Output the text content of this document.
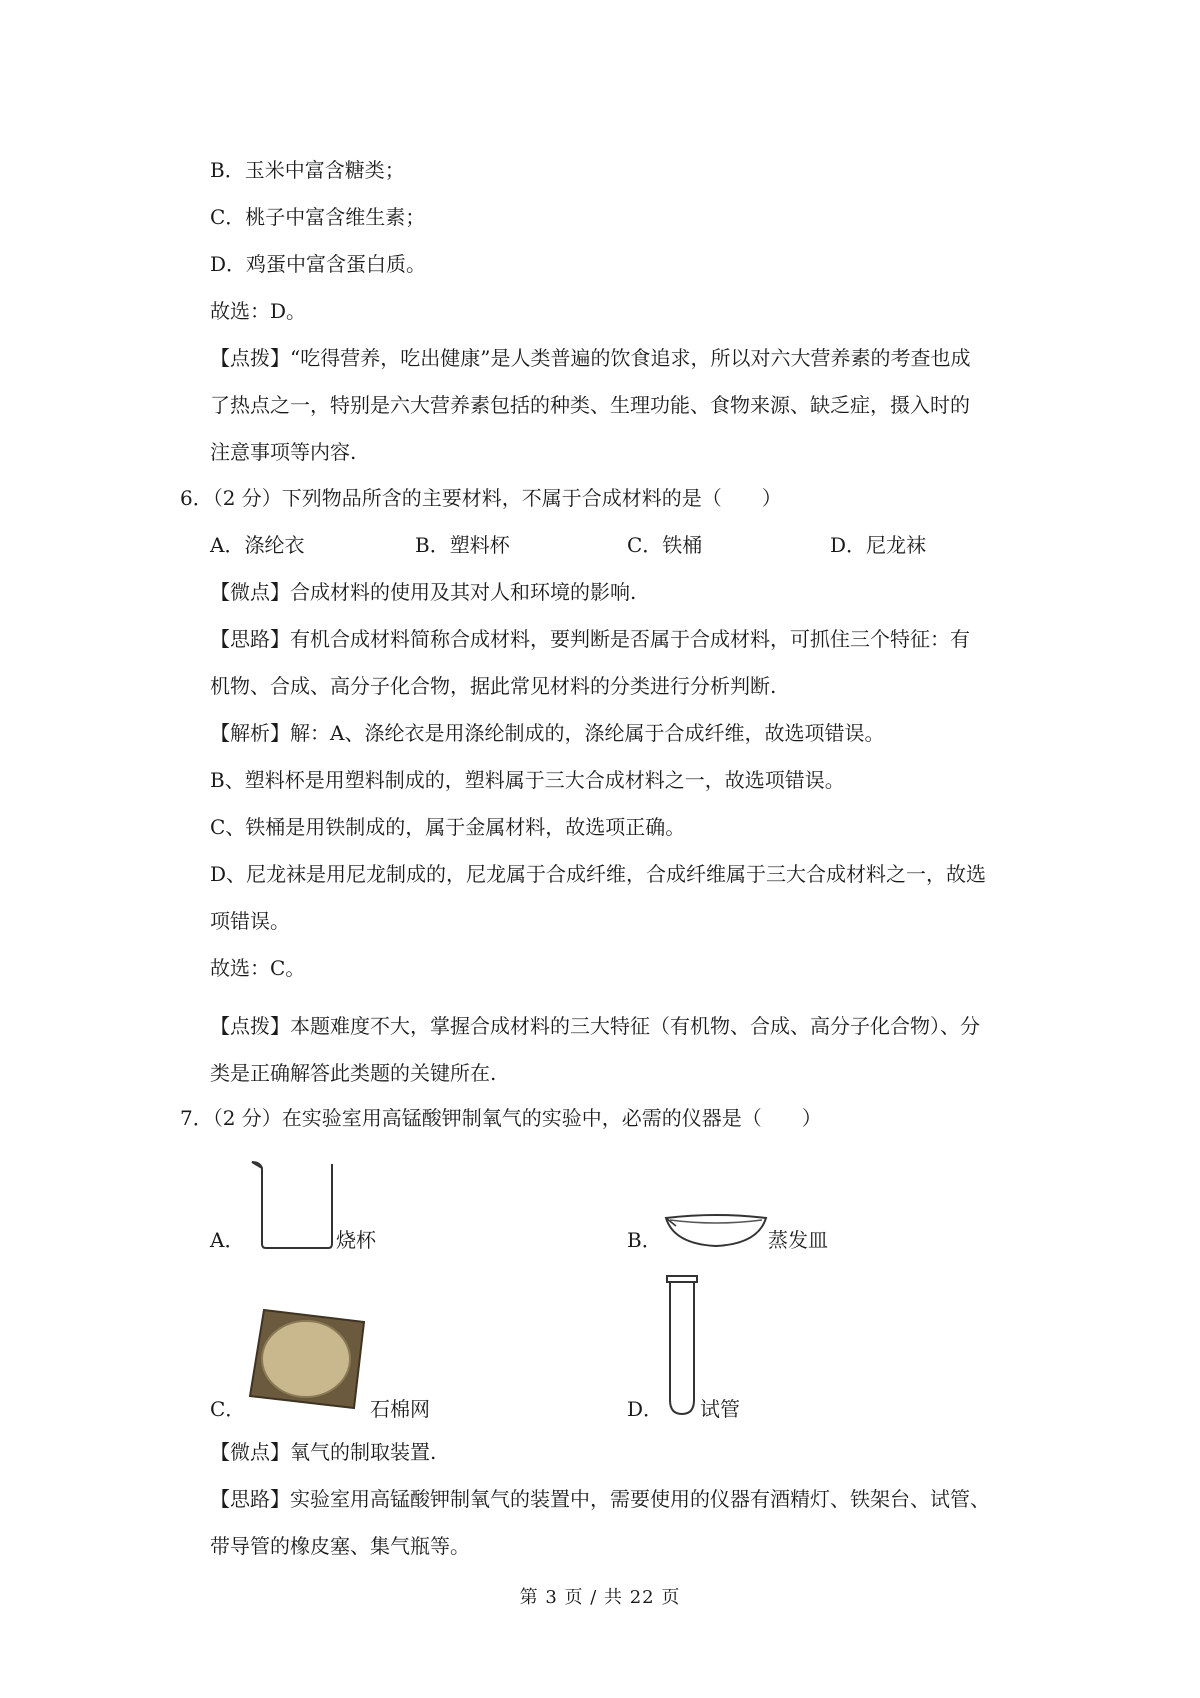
B．玉米中富含糖类；
C．桃子中富含维生素；
D．鸡蛋中富含蛋白质。
故选：D。
【点拨】“吃得营养，吃出健康”是人类普遍的饮食追求，所以对六大营养素的考查也成
了热点之一，特别是六大营养素包括的种类、生理功能、食物来源、缺乏症，摄入时的
注意事项等内容.
6．（2 分）下列物品所含的主要材料，不属于合成材料的是（　　）
A．涤纶衣	B．塑料杯	C．铁桶	D．尼龙袜
【微点】合成材料的使用及其对人和环境的影响.
【思路】有机合成材料简称合成材料，要判断是否属于合成材料，可抓住三个特征：有
机物、合成、高分子化合物，据此常见材料的分类进行分析判断.
【解析】解：A、涤纶衣是用涤纶制成的，涤纶属于合成纤维，故选项错误。
B、塑料杯是用塑料制成的，塑料属于三大合成材料之一，故选项错误。
C、铁桶是用铁制成的，属于金属材料，故选项正确。
D、尼龙袜是用尼龙制成的，尼龙属于合成纤维，合成纤维属于三大合成材料之一，故选
项错误。
故选：C。
【点拨】本题难度不大，掌握合成材料的三大特征（有机物、合成、高分子化合物）、分
类是正确解答此类题的关键所在.
7．（2 分）在实验室用高锰酸钾制氧气的实验中，必需的仪器是（　　）
A．	烧杯	B．	蒸发皿
C．	石棉网	D． 试管
【微点】氧气的制取装置.
【思路】实验室用高锰酸钾制氧气的装置中，需要使用的仪器有酒精灯、铁架台、试管、
带导管的橡皮塞、集气瓶等。
第 3 页 / 共 22 页
